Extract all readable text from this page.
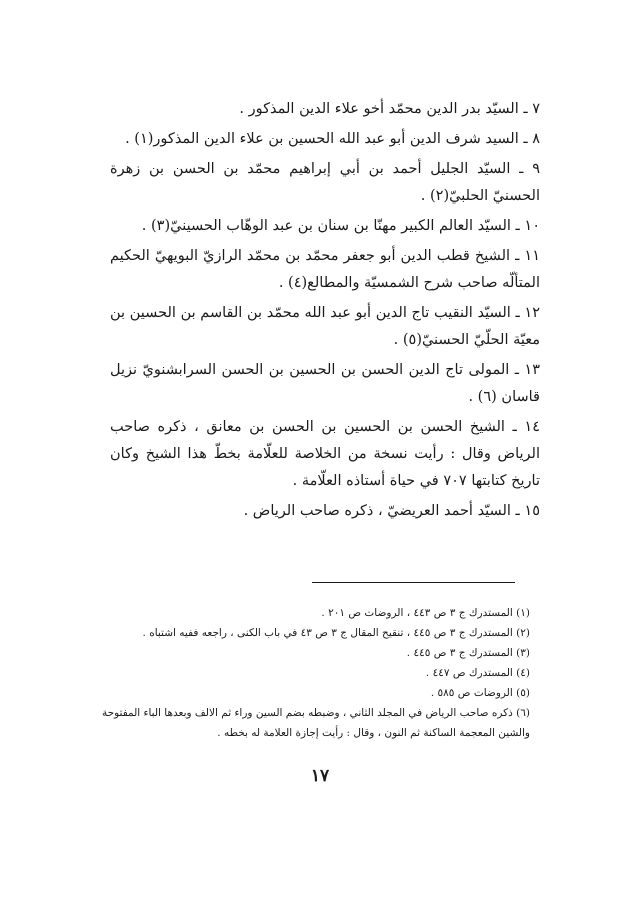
٧ ـ السيّد بدر الدين محمّد أخو علاء الدين المذكور .

٨ ـ السيد شرف الدين أبو عبد الله الحسين بن علاء الدين المذكور(١) .

٩ ـ السيّد الجليل أحمد بن أبي إبراهيم محمّد بن الحسن بن زهرة الحسنيّ الحلبيّ(٢) .

١٠ ـ السيّد العالم الكبير مهنّا بن سنان بن عبد الوهّاب الحسينيّ(٣) .

١١ ـ الشيخ قطب الدين أبو جعفر محمّد بن محمّد الرازيّ البويهيّ الحكيم المتألّه صاحب شرح الشمسيّة والمطالع(٤) .

١٢ ـ السيّد النقيب تاج الدين أبو عبد الله محمّد بن القاسم بن الحسين بن معيّة الحلّيّ الحسنيّ(٥) .

١٣ ـ المولى تاج الدين الحسن بن الحسين بن الحسن السرابشنويّ نزيل قاسان (٦) .

١٤ ـ الشيخ الحسن بن الحسين بن الحسن بن معانق ، ذكره صاحب الرياض وقال : رأيت نسخة من الخلاصة للعلّامة بخطّ هذا الشيخ وكان تاريخ كتابتها ٧٠٧ في حياة أستاذه العلّامة .

١٥ ـ السيّد أحمد العريضيّ ، ذكره صاحب الرياض .

(١) المستدرك ج ٣ ص ٤٤٣ ، الروضات ص ٢٠١ .

(٢) المستدرك ج ٣ ص ٤٤٥ ، تنقيح المقال ج ٣ ص ٤٣ في باب الكنى ، راجعه ففيه اشتباه .

(٣) المستدرك ج ٣ ص ٤٤٥ .

(٤) المستدرك ص ٤٤٧ .

(٥) الروضات ص ٥٨٥ .

(٦) ذكره صاحب الرياض في المجلد الثاني ، وضبطه بضم السين وراء ثم الالف وبعدها الباء المفتوحة والشين المعجمة الساكنة ثم النون ، وقال : رأيت إجازة العلامة له بخطه .

١٧
